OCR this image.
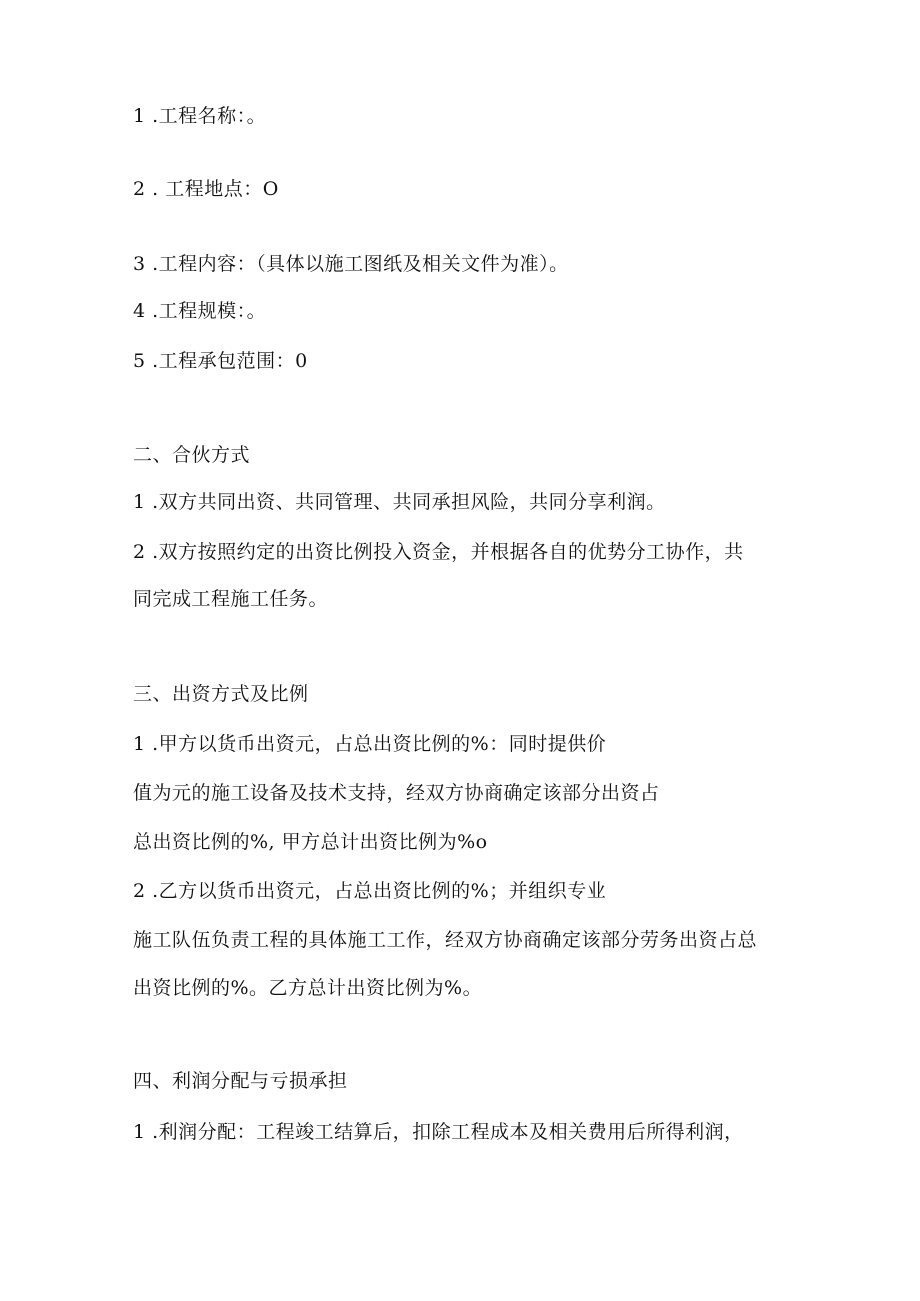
1 .工程名称：。
2 . 工程地点：O
3 .工程内容：（具体以施工图纸及相关文件为准）。
4 .工程规模：。
5 .工程承包范围：0
二、合伙方式
1 .双方共同出资、共同管理、共同承担风险，共同分享利润。
2 .双方按照约定的出资比例投入资金，并根据各自的优势分工协作，共
同完成工程施工任务。
三、出资方式及比例
1 .甲方以货币出资元，占总出资比例的%：同时提供价
值为元的施工设备及技术支持，经双方协商确定该部分出资占
总出资比例的%, 甲方总计出资比例为%o
2 .乙方以货币出资元，占总出资比例的%；并组织专业
施工队伍负责工程的具体施工工作，经双方协商确定该部分劳务出资占总
出资比例的%。乙方总计出资比例为%。
四、利润分配与亏损承担
1 .利润分配：工程竣工结算后，扣除工程成本及相关费用后所得利润，
